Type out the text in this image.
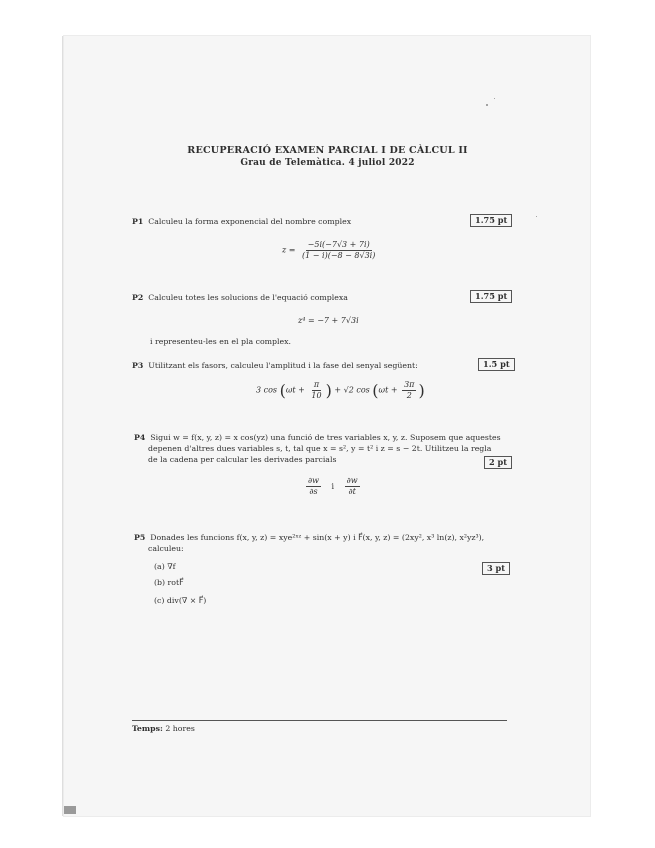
RECUPERACIÓ EXAMEN PARCIAL I DE CÀLCUL II
Grau de Telemàtica. 4 juliol 2022
P1 Calculeu la forma exponencial del nombre complex	1.75 pt
$z = \frac{-5i(-7√3 + 7i)}{(1 - i)(-8 - 8√3i)}$
P2 Calculeu totes les solucions de l'equació complexa	1.75 pt
z⁴ = −7 + 7√3i
i representeu-les en el pla complex.
P3 Utilitzant els fasors, calculeu l'amplitud i la fase del senyal següent:	1.5 pt
3 $\cos (\omega t + \frac{\pi}{10}$ ) + √2 $\cos (\omega t + \frac{3\pi}{2}$ )
P4 Sigui w = f(x, y, z) = x cos(yz) una funció de tres variables x, y, z. Suposem que aquestes
depenen d'altres dues variables s, t, tal que x = s², y = t² i z = s − 2t. Utilitzeu la regla
de la cadena per calcular les derivades parcials	2 pt
$\frac{\partial w}{\partial s}$ i $\frac{\partial w}{\partial t}$
P5 Donades les funcions f(x, y, z) = xye²ˣᶻ + sin(x + y) i F⃗(x, y, z) = (2xy², x³ ln(z), x²yz³),
calculeu:
3 pt
(a) ∇f
(b) rotF⃗
(c) div(∇ × F⃗)
Temps: 2 hores
